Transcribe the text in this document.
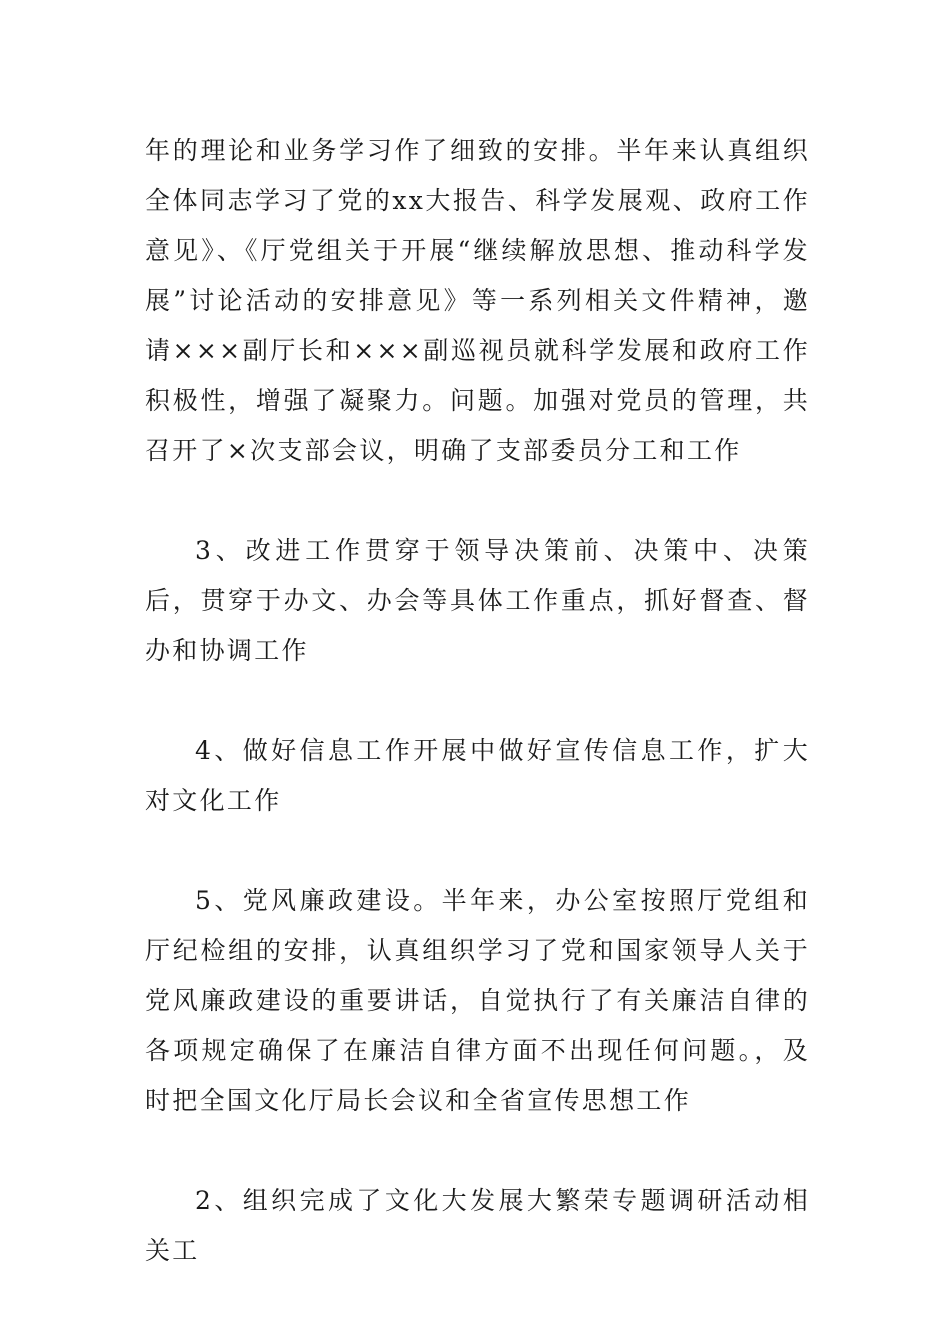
年的理论和业务学习作了细致的安排。半年来认真组织全体同志学习了党的xx大报告、科学发展观、政府工作意见》、《厅党组关于开展“继续解放思想、推动科学发展”讨论活动的安排意见》等一系列相关文件精神，邀请×××副厅长和×××副巡视员就科学发展和政府工作积极性，增强了凝聚力。问题。加强对党员的管理，共召开了×次支部会议，明确了支部委员分工和工作

3、改进工作贯穿于领导决策前、决策中、决策后，贯穿于办文、办会等具体工作重点，抓好督查、督办和协调工作

4、做好信息工作开展中做好宣传信息工作，扩大对文化工作

5、党风廉政建设。半年来，办公室按照厅党组和厅纪检组的安排，认真组织学习了党和国家领导人关于党风廉政建设的重要讲话，自觉执行了有关廉洁自律的各项规定确保了在廉洁自律方面不出现任何问题。，及时把全国文化厅局长会议和全省宣传思想工作

2、组织完成了文化大发展大繁荣专题调研活动相关工
